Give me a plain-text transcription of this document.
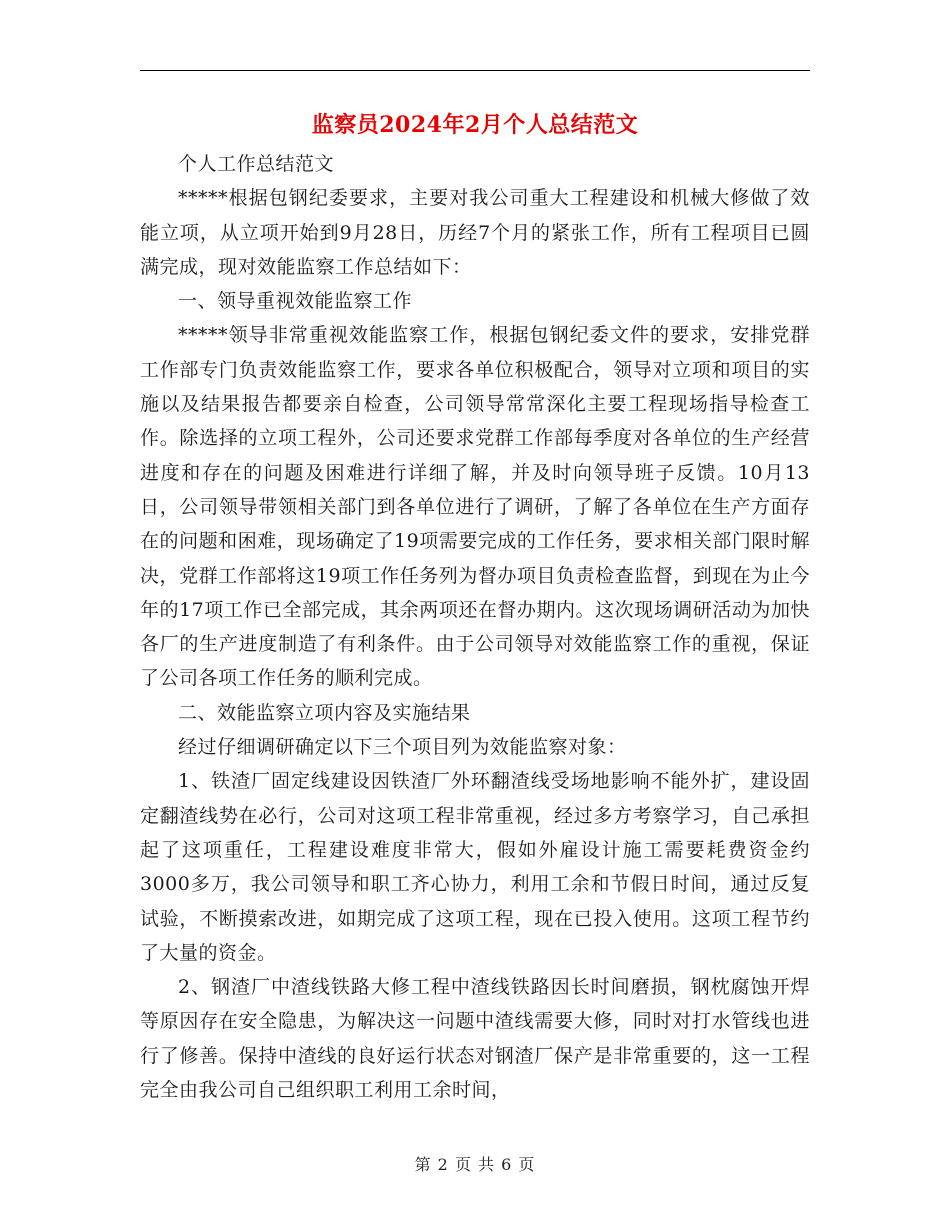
监察员2024年2月个人总结范文

个人工作总结范文

*****根据包钢纪委要求，主要对我公司重大工程建设和机械大修做了效能立项，从立项开始到9月28日，历经7个月的紧张工作，所有工程项目已圆满完成，现对效能监察工作总结如下：

一、领导重视效能监察工作

*****领导非常重视效能监察工作，根据包钢纪委文件的要求，安排党群工作部专门负责效能监察工作，要求各单位积极配合，领导对立项和项目的实施以及结果报告都要亲自检查，公司领导常常深化主要工程现场指导检查工作。除选择的立项工程外，公司还要求党群工作部每季度对各单位的生产经营进度和存在的问题及困难进行详细了解，并及时向领导班子反馈。10月13日，公司领导带领相关部门到各单位进行了调研，了解了各单位在生产方面存在的问题和困难，现场确定了19项需要完成的工作任务，要求相关部门限时解决，党群工作部将这19项工作任务列为督办项目负责检查监督，到现在为止今年的17项工作已全部完成，其余两项还在督办期内。这次现场调研活动为加快各厂的生产进度制造了有利条件。由于公司领导对效能监察工作的重视，保证了公司各项工作任务的顺利完成。

二、效能监察立项内容及实施结果

经过仔细调研确定以下三个项目列为效能监察对象：

1、铁渣厂固定线建设因铁渣厂外环翻渣线受场地影响不能外扩，建设固定翻渣线势在必行，公司对这项工程非常重视，经过多方考察学习，自己承担起了这项重任，工程建设难度非常大，假如外雇设计施工需要耗费资金约3000多万，我公司领导和职工齐心协力，利用工余和节假日时间，通过反复试验，不断摸索改进，如期完成了这项工程，现在已投入使用。这项工程节约了大量的资金。

2、钢渣厂中渣线铁路大修工程中渣线铁路因长时间磨损，钢枕腐蚀开焊等原因存在安全隐患，为解决这一问题中渣线需要大修，同时对打水管线也进行了修善。保持中渣线的良好运行状态对钢渣厂保产是非常重要的，这一工程完全由我公司自己组织职工利用工余时间，

第 2 页 共 6 页
